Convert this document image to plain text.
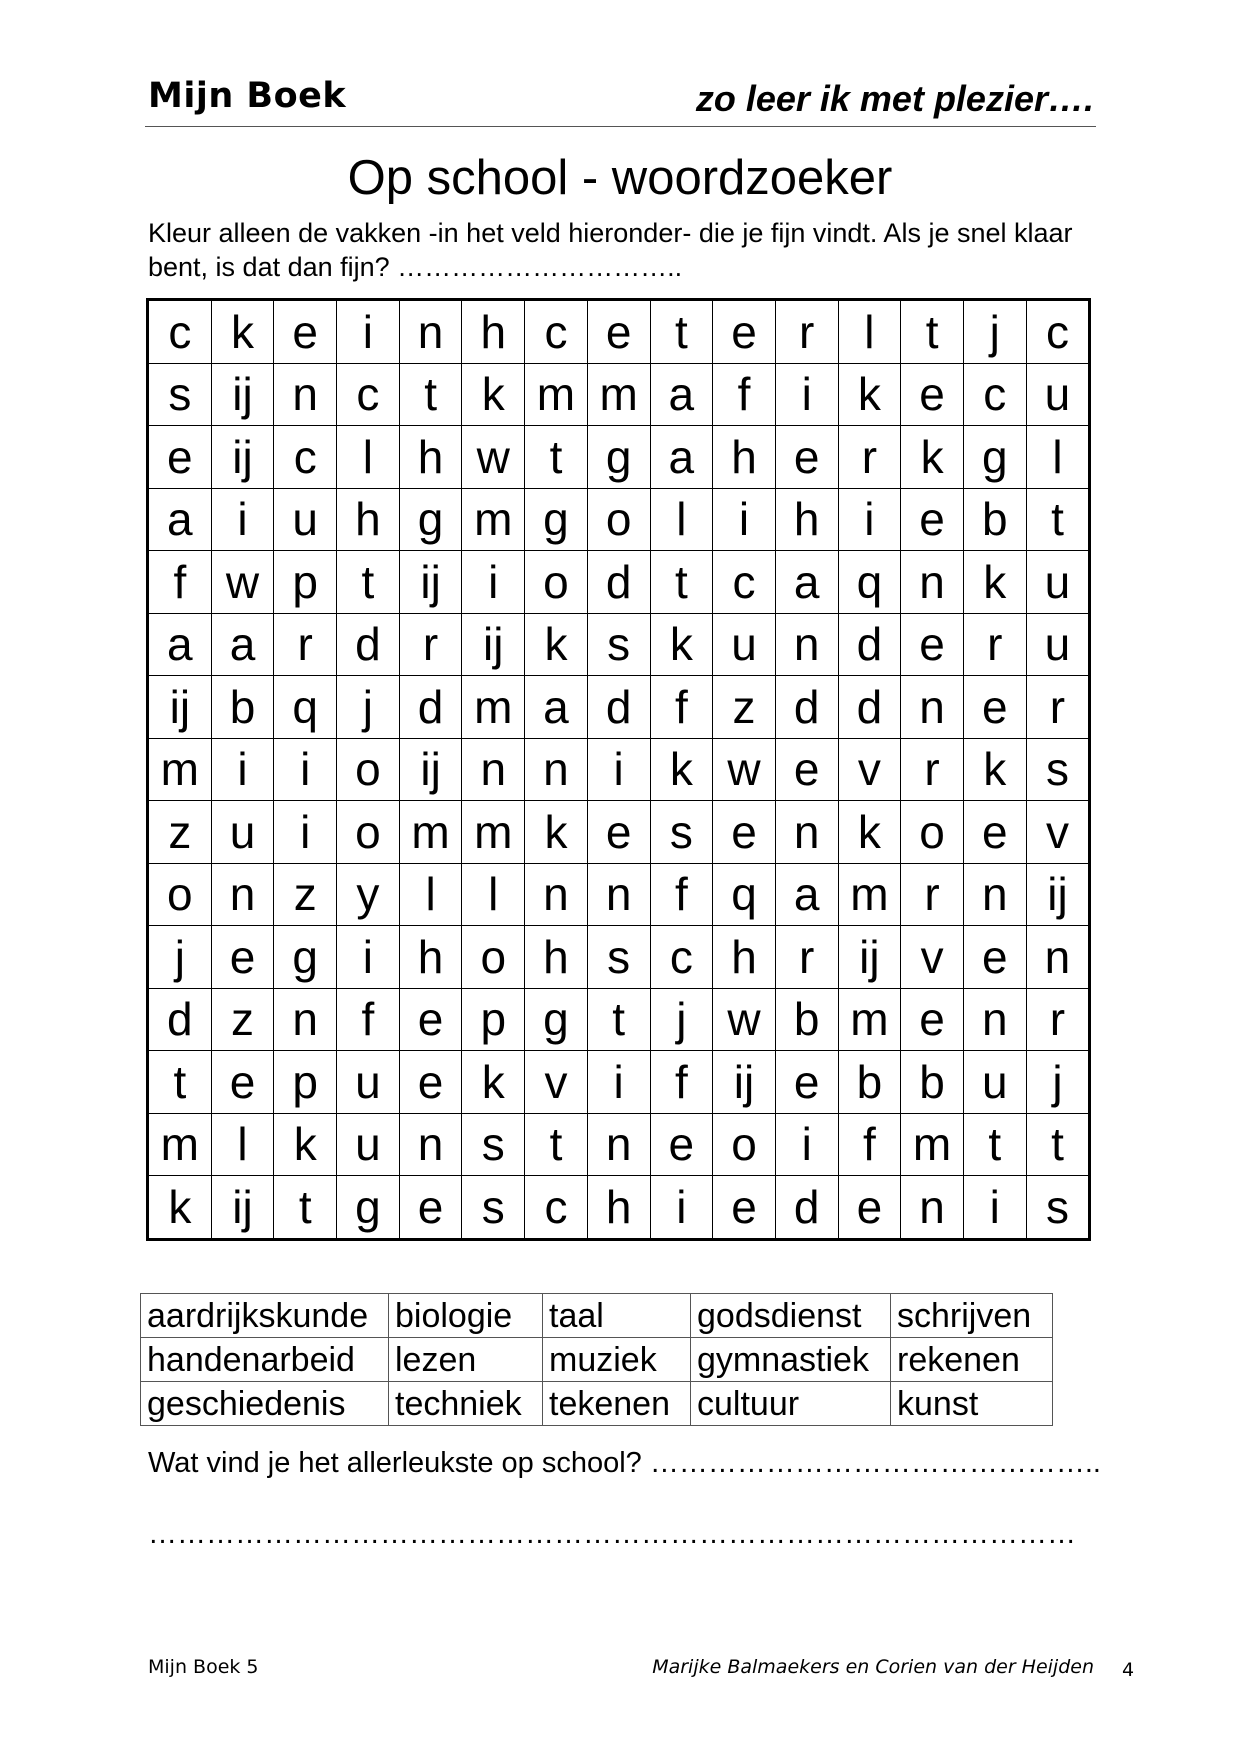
Mijn Boek	zo leer ik met plezier….
Op school - woordzoeker
Kleur alleen de vakken -in het veld hieronder- die je fijn vindt. Als je snel klaar bent, is dat dan fijn? …………………………..
c	k	e	i	n	h	c	e	t	e	r	l	t	j	c
s	ij	n	c	t	k	m	m	a	f	i	k	e	c	u
e	ij	c	l	h	w	t	g	a	h	e	r	k	g	l
a	i	u	h	g	m	g	o	l	i	h	i	e	b	t
f	w	p	t	ij	i	o	d	t	c	a	q	n	k	u
a	a	r	d	r	ij	k	s	k	u	n	d	e	r	u
ij	b	q	j	d	m	a	d	f	z	d	d	n	e	r
m	i	i	o	ij	n	n	i	k	w	e	v	r	k	s
z	u	i	o	m	m	k	e	s	e	n	k	o	e	v
o	n	z	y	l	l	n	n	f	q	a	m	r	n	ij
j	e	g	i	h	o	h	s	c	h	r	ij	v	e	n
d	z	n	f	e	p	g	t	j	w	b	m	e	n	r
t	e	p	u	e	k	v	i	f	ij	e	b	b	u	j
m	l	k	u	n	s	t	n	e	o	i	f	m	t	t
k	ij	t	g	e	s	c	h	i	e	d	e	n	i	s
aardrijkskunde	biologie	taal	godsdienst	schrijven
handenarbeid	lezen	muziek	gymnastiek	rekenen
geschiedenis	techniek	tekenen	cultuur	kunst
Wat vind je het allerleukste op school? ………………………………………..
……………………………………………………………………………………
Mijn Boek 5	Marijke Balmaekers en Corien van der Heijden 4
